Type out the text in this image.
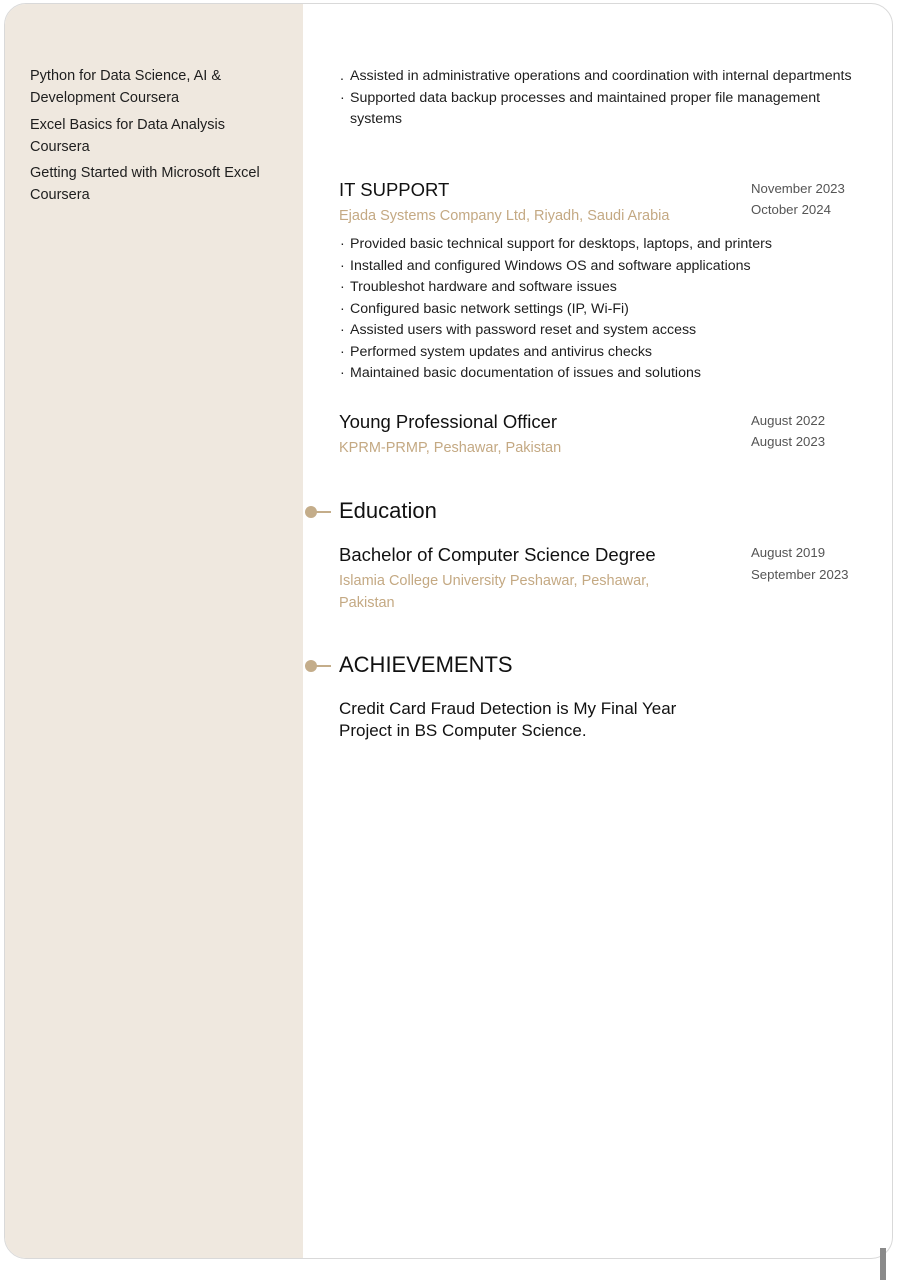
Python for Data Science, AI & Development Coursera
Excel Basics for Data Analysis Coursera
Getting Started with Microsoft Excel Coursera
. Assisted in administrative operations and coordination with internal departments
· Supported data backup processes and maintained proper file management systems
IT SUPPORT
Ejada Systems Company Ltd, Riyadh, Saudi Arabia
November 2023
October 2024
· Provided basic technical support for desktops, laptops, and printers
· Installed and configured Windows OS and software applications
· Troubleshot hardware and software issues
· Configured basic network settings (IP, Wi-Fi)
· Assisted users with password reset and system access
· Performed system updates and antivirus checks
· Maintained basic documentation of issues and solutions
Young Professional Officer
KPRM-PRMP, Peshawar, Pakistan
August 2022
August 2023
Education
Bachelor of Computer Science Degree
Islamia College University Peshawar, Peshawar, Pakistan
August 2019
September 2023
ACHIEVEMENTS
Credit Card Fraud Detection is My Final Year Project in BS Computer Science.
